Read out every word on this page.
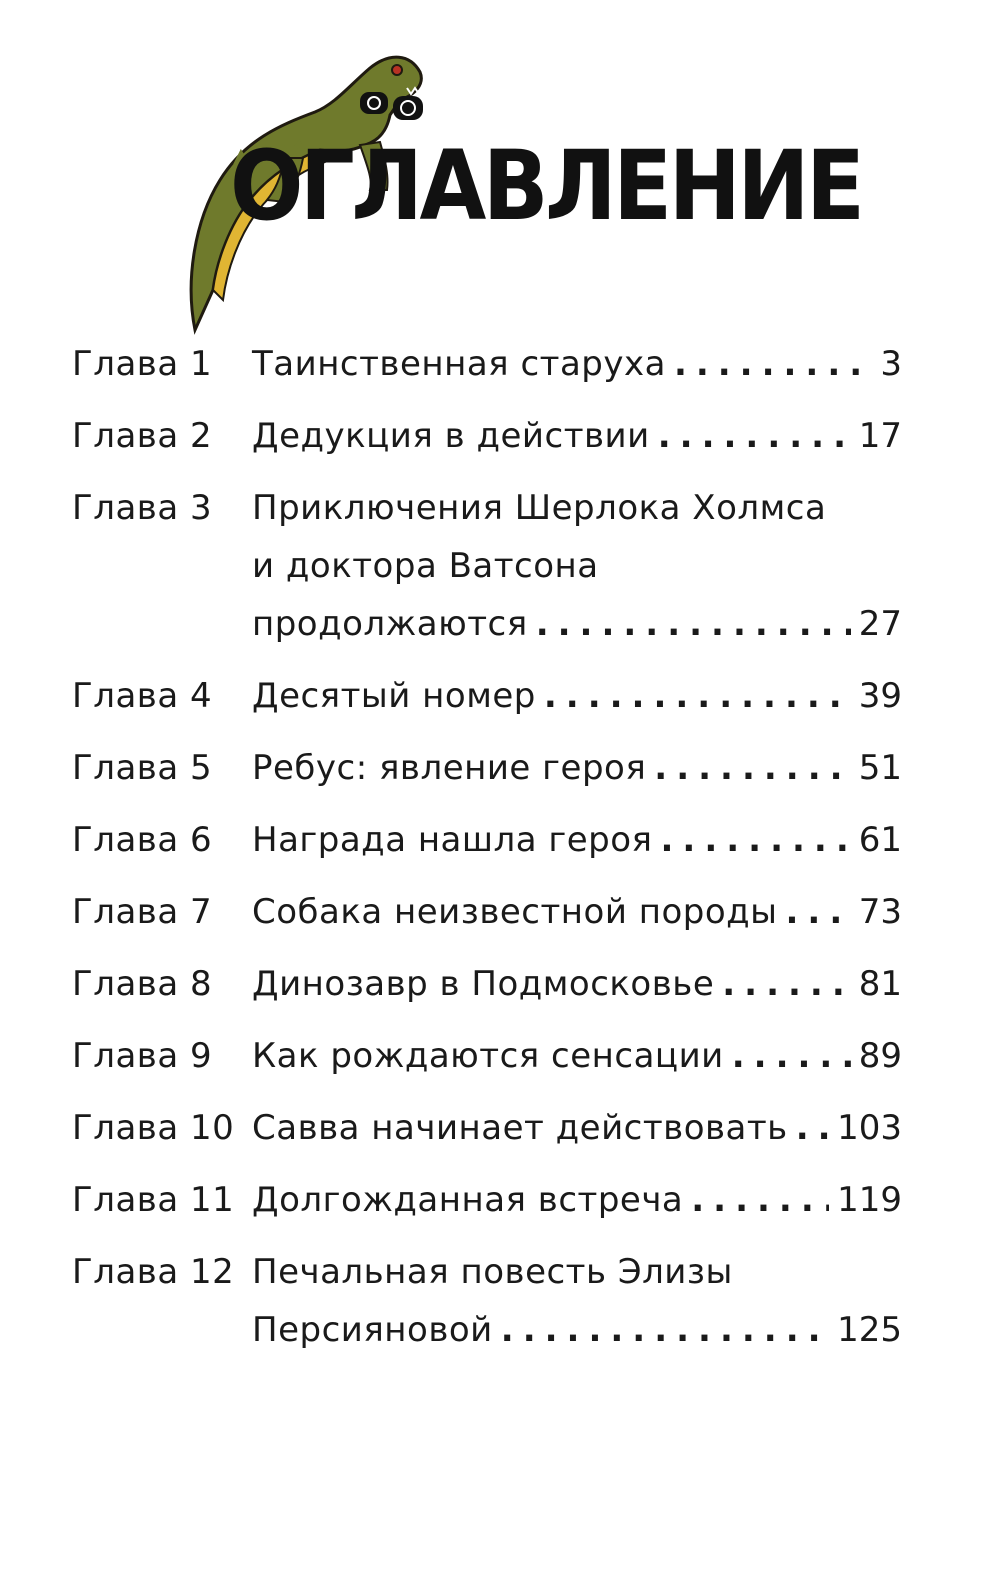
ОГЛАВЛЕНИЕ
Глава 1	Таинственная старуха .....	3
Глава 2	Дедукция в действии .....	17
Глава 3	Приключения Шерлока Холмса
и доктора Ватсона
продолжаются .....	27
Глава 4	Десятый номер .....	39
Глава 5	Ребус: явление героя .....	51
Глава 6	Награда нашла героя .....	61
Глава 7	Собака неизвестной породы ..... 73
Глава 8	Динозавр в Подмосковье .....	81
Глава 9	Как рождаются сенсации .....	89
Глава 10 Савва начинает действовать ..... 103
Глава 11 Долгожданная встреча .....	119
Глава 12 Печальная повесть Элизы
Персияновой .....	125
